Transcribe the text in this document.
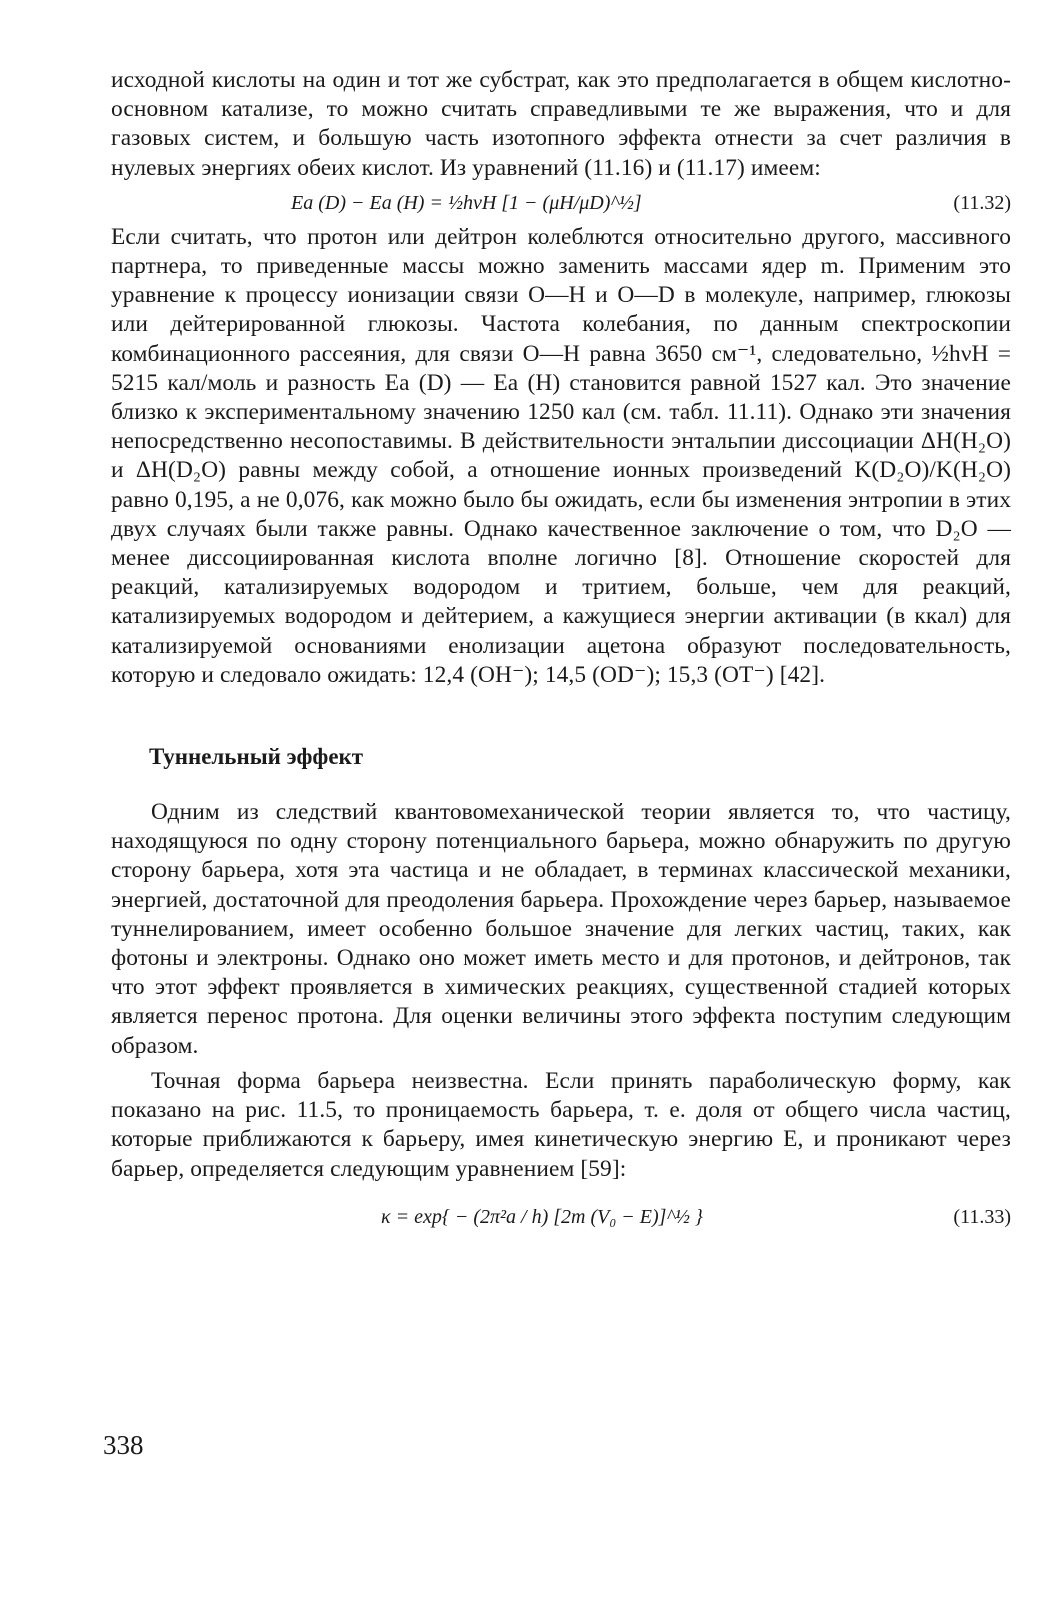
исходной кислоты на один и тот же субстрат, как это предполагается в общем кислотно-основном катализе, то можно считать справедливыми те же выражения, что и для газовых систем, и большую часть изотопного эффекта отнести за счет различия в нулевых энергиях обеих кислот. Из уравнений (11.16) и (11.17) имеем:

Ea (D) − Ea (H) = ½hνH [1 − (μH/μD)^½]	(11.32)

Если считать, что протон или дейтрон колеблются относительно другого, массивного партнера, то приведенные массы можно заменить массами ядер m. Применим это уравнение к процессу ионизации связи O—H и O—D в молекуле, например, глюкозы или дейтерированной глюкозы. Частота колебания, по данным спектроскопии комбинационного рассеяния, для связи O—H равна 3650 см⁻¹, следовательно, ½hνH = 5215 кал/моль и разность Ea (D) — Ea (H) становится равной 1527 кал. Это значение близко к экспериментальному значению 1250 кал (см. табл. 11.11). Однако эти значения непосредственно несопоставимы. В действительности энтальпии диссоциации ΔH(H₂O) и ΔH(D₂O) равны между собой, а отношение ионных произведений K(D₂O)/K(H₂O) равно 0,195, а не 0,076, как можно было бы ожидать, если бы изменения энтропии в этих двух случаях были также равны. Однако качественное заключение о том, что D₂O — менее диссоциированная кислота вполне логично [8]. Отношение скоростей для реакций, катализируемых водородом и тритием, больше, чем для реакций, катализируемых водородом и дейтерием, а кажущиеся энергии активации (в ккал) для катализируемой основаниями енолизации ацетона образуют последовательность, которую и следовало ожидать: 12,4 (OH⁻); 14,5 (OD⁻); 15,3 (OT⁻) [42].

Туннельный эффект

Одним из следствий квантовомеханической теории является то, что частицу, находящуюся по одну сторону потенциального барьера, можно обнаружить по другую сторону барьера, хотя эта частица и не обладает, в терминах классической механики, энергией, достаточной для преодоления барьера. Прохождение через барьер, называемое туннелированием, имеет особенно большое значение для легких частиц, таких, как фотоны и электроны. Однако оно может иметь место и для протонов, и дейтронов, так что этот эффект проявляется в химических реакциях, существенной стадией которых является перенос протона. Для оценки величины этого эффекта поступим следующим образом.

Точная форма барьера неизвестна. Если принять параболическую форму, как показано на рис. 11.5, то проницаемость барьера, т. е. доля от общего числа частиц, которые приближаются к барьеру, имея кинетическую энергию E, и проникают через барьер, определяется следующим уравнением [59]:

κ = exp{ − (2π²a / h) [2m (V₀ − E)]^½ }	(11.33)
338
